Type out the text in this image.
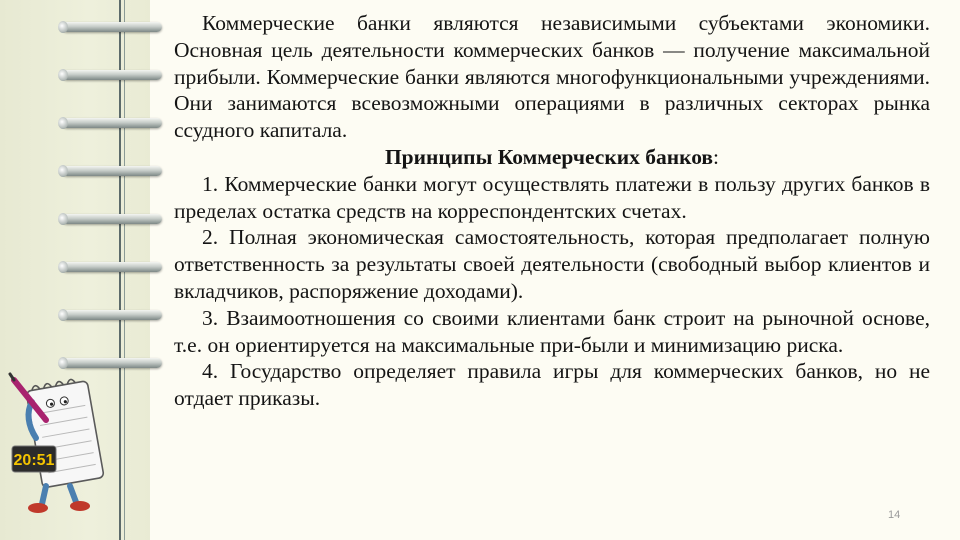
20:51

Коммерческие банки являются независимыми субъектами экономики. Основная цель деятельности коммерческих банков — получение максимальной прибыли. Коммерческие банки являются многофункциональными учреждениями. Они занимаются всевозможными операциями в различных секторах рынка ссудного капитала.

Принципы Коммерческих банков:

1. Коммерческие банки могут осуществлять платежи в пользу других банков в пределах остатка средств на корреспондентских счетах.

2. Полная экономическая самостоятельность, которая предполагает полную ответственность за результаты своей деятельности (свободный выбор клиентов и вкладчиков, распоряжение доходами).

3. Взаимоотношения со своими клиентами банк строит на рыночной основе, т.е. он ориентируется на максимальные при-были и минимизацию риска.

4. Государство определяет правила игры для коммерческих банков, но не отдает приказы.

14
